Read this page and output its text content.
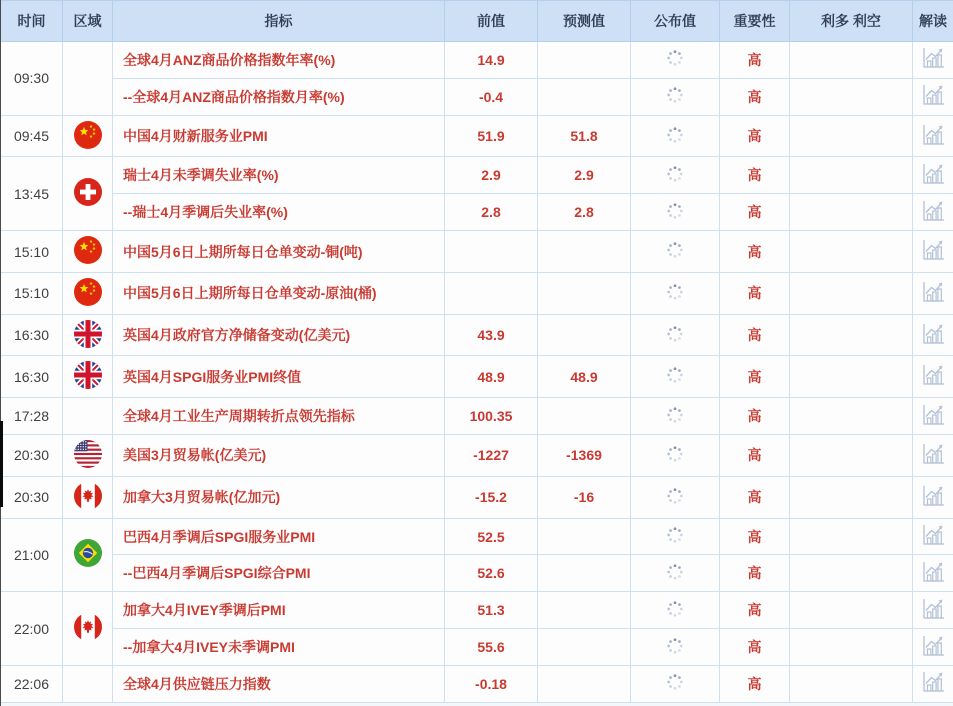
时间	区域	指标	前值	预测值	公布值	重要性	利多 利空	解读
09:30		全球4月ANZ商品价格指数年率(%)	14.9			高		
		--全球4月ANZ商品价格指数月率(%)	-0.4			高		
09:45		中国4月财新服务业PMI	51.9	51.8		高		
13:45		瑞士4月未季调失业率(%)	2.9	2.9		高		
		--瑞士4月季调后失业率(%)	2.8	2.8		高		
15:10		中国5月6日上期所每日仓单变动-铜(吨)				高		
15:10		中国5月6日上期所每日仓单变动-原油(桶)				高		
16:30		英国4月政府官方净储备变动(亿美元)	43.9			高		
16:30		英国4月SPGI服务业PMI终值	48.9	48.9		高		
17:28		全球4月工业生产周期转折点领先指标	100.35			高		
20:30		美国3月贸易帐(亿美元)	-1227	-1369		高		
20:30		加拿大3月贸易帐(亿加元)	-15.2	-16		高		
21:00		巴西4月季调后SPGI服务业PMI	52.5			高		
		--巴西4月季调后SPGI综合PMI	52.6			高		
22:00		加拿大4月IVEY季调后PMI	51.3			高		
		--加拿大4月IVEY未季调PMI	55.6			高		
22:06		全球4月供应链压力指数	-0.18			高		
